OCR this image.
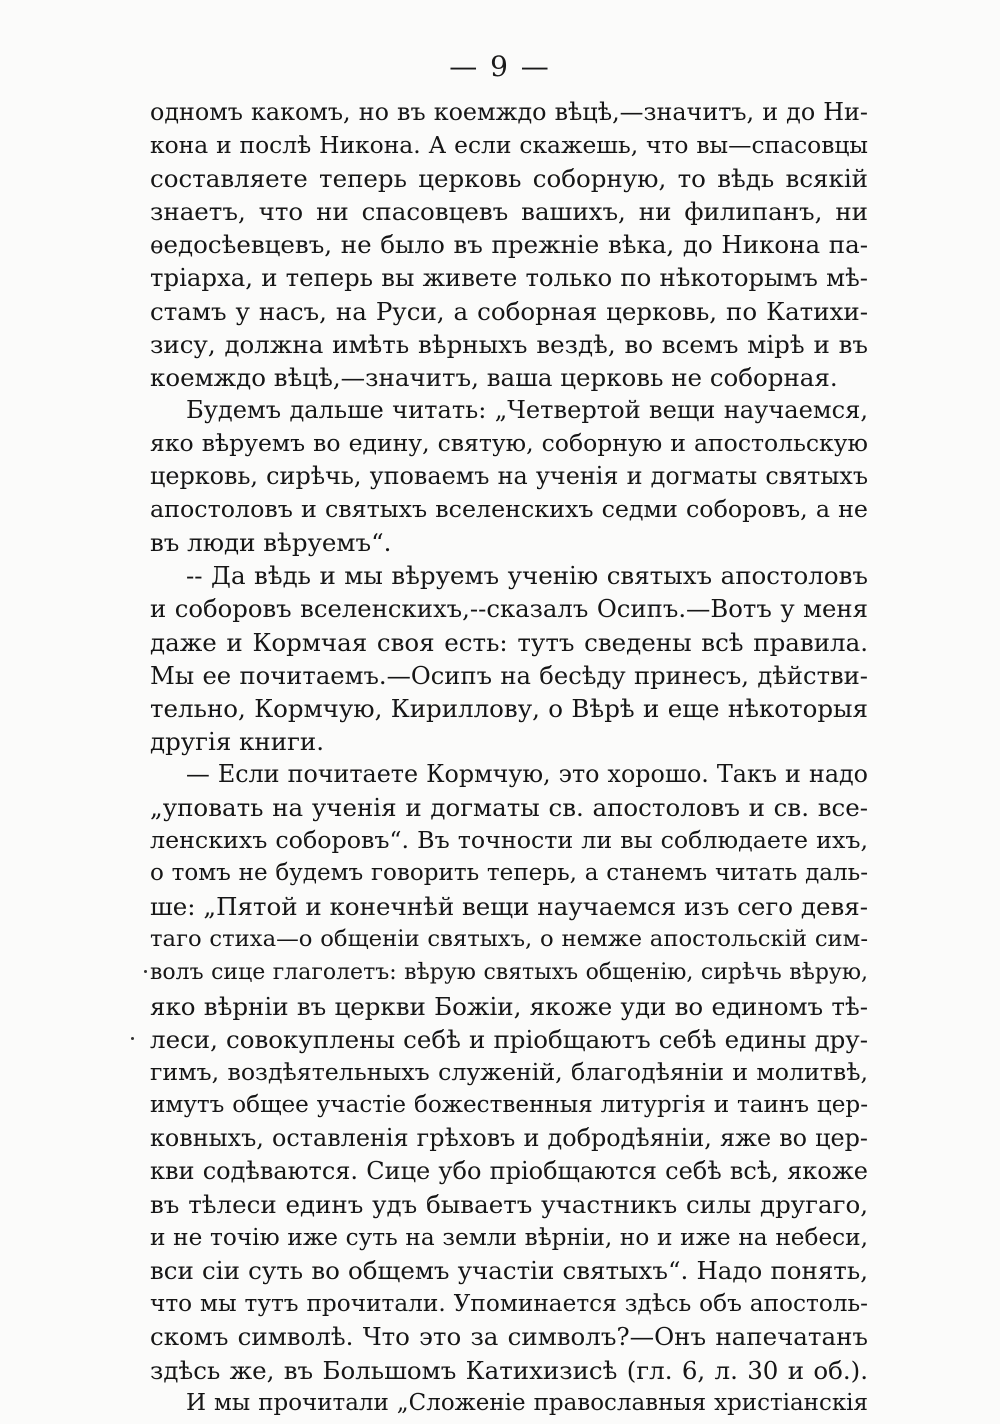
— 9 —
одномъ какомъ, но въ коемждо вѣцѣ,—значитъ, и до Ни-
кона и послѣ Никона. А если скажешь, что вы—спасовцы
составляете теперь церковь соборную, то вѣдь всякій
знаетъ, что ни спасовцевъ вашихъ, ни филипанъ, ни
ѳедосѣевцевъ, не было въ прежніе вѣка, до Никона па-
тріарха, и теперь вы живете только по нѣкоторымъ мѣ-
стамъ у насъ, на Руси, а соборная церковь, по Катихи-
зису, должна имѣть вѣрныхъ вездѣ, во всемъ мірѣ и въ
коемждо вѣцѣ,—значитъ, ваша церковь не соборная.
Будемъ дальше читать: „Четвертой вещи научаемся,
яко вѣруемъ во едину, святую, соборную и апостольскую
церковь, сирѣчь, уповаемъ на ученія и догматы святыхъ
апостоловъ и святыхъ вселенскихъ седми соборовъ, а не
въ люди вѣруемъ“.
-- Да вѣдь и мы вѣруемъ ученію святыхъ апостоловъ
и соборовъ вселенскихъ,--сказалъ Осипъ.—Вотъ у меня
даже и Кормчая своя есть: тутъ сведены всѣ правила.
Мы ее почитаемъ.—Осипъ на бесѣду принесъ, дѣйстви-
тельно, Кормчую, Кириллову, о Вѣрѣ и еще нѣкоторыя
другія книги.
— Если почитаете Кормчую, это хорошо. Такъ и надо
„уповать на ученія и догматы св. апостоловъ и св. все-
ленскихъ соборовъ“. Въ точности ли вы соблюдаете ихъ,
о томъ не будемъ говорить теперь, а станемъ читать даль-
ше: „Пятой и конечнѣй вещи научаемся изъ сего девя-
таго стиха—о общеніи святыхъ, о немже апостольскій сим-
волъ сице глаголетъ: вѣрую святыхъ общенію, сирѣчь вѣрую,
яко вѣрніи въ церкви Божіи, якоже уди во единомъ тѣ-
леси, совокуплены себѣ и пріобщаютъ себѣ едины дру-
гимъ, воздѣятельныхъ служеній, благодѣяніи и молитвѣ,
имутъ общее участіе божественныя литургія и таинъ цер-
ковныхъ, оставленія грѣховъ и добродѣяніи, яже во цер-
кви содѣваются. Сице убо пріобщаются себѣ всѣ, якоже
въ тѣлеси единъ удъ бываетъ участникъ силы другаго,
и не точію иже суть на земли вѣрніи, но и иже на небеси,
вси сіи суть во общемъ участіи святыхъ“. Надо понять,
что мы тутъ прочитали. Упоминается здѣсь объ апостоль-
скомъ символѣ. Что это за символъ?—Онъ напечатанъ
здѣсь же, въ Большомъ Катихизисѣ (гл. 6, л. 30 и об.).
И мы прочитали „Сложеніе православныя христіанскія
